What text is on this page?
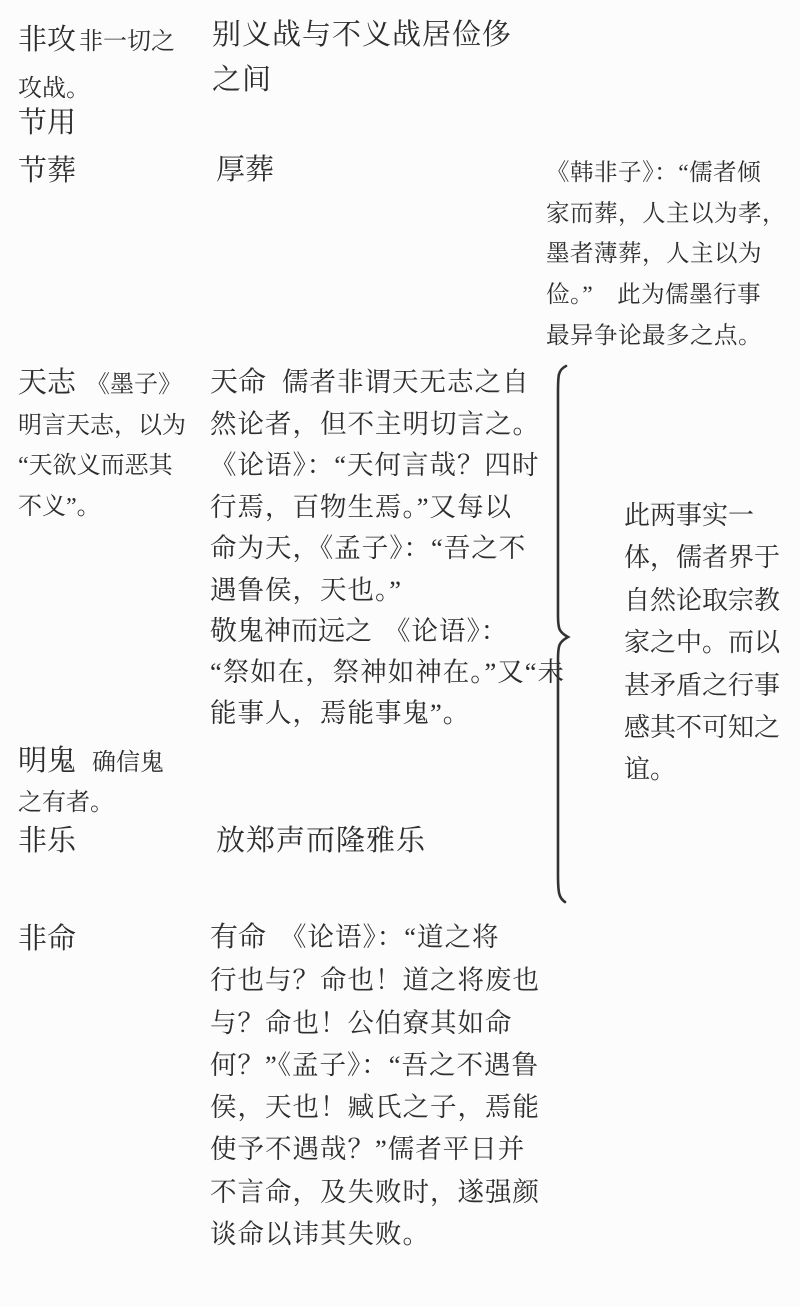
非攻 非一切之
攻战。
节用
节葬
天志 《墨子》
明言天志，以为
“天欲义而恶其
不义”。
明鬼 确信鬼
之有者。
非乐
非命
别义战与不义战居俭侈
之间
厚葬
天命 儒者非谓天无志之自
然论者，但不主明切言之。
《论语》：“天何言哉？四时
行焉，百物生焉。”又每以
命为天，《孟子》：“吾之不
遇鲁侯，天也。”
敬鬼神而远之 《论语》：
“祭如在，祭神如神在。”又“未
能事人，焉能事鬼”。
放郑声而隆雅乐
有命 《论语》：“道之将
行也与？命也！道之将废也
与？命也！公伯寮其如命
何？”《孟子》：“吾之不遇鲁
侯，天也！臧氏之子，焉能
使予不遇哉？”儒者平日并
不言命，及失败时，遂强颜
谈命以讳其失败。
《韩非子》：“儒者倾
家而葬，人主以为孝，
墨者薄葬，人主以为
俭。”　此为儒墨行事
最异争论最多之点。
此两事实一
体，儒者界于
自然论取宗教
家之中。而以
甚矛盾之行事
感其不可知之
谊。
